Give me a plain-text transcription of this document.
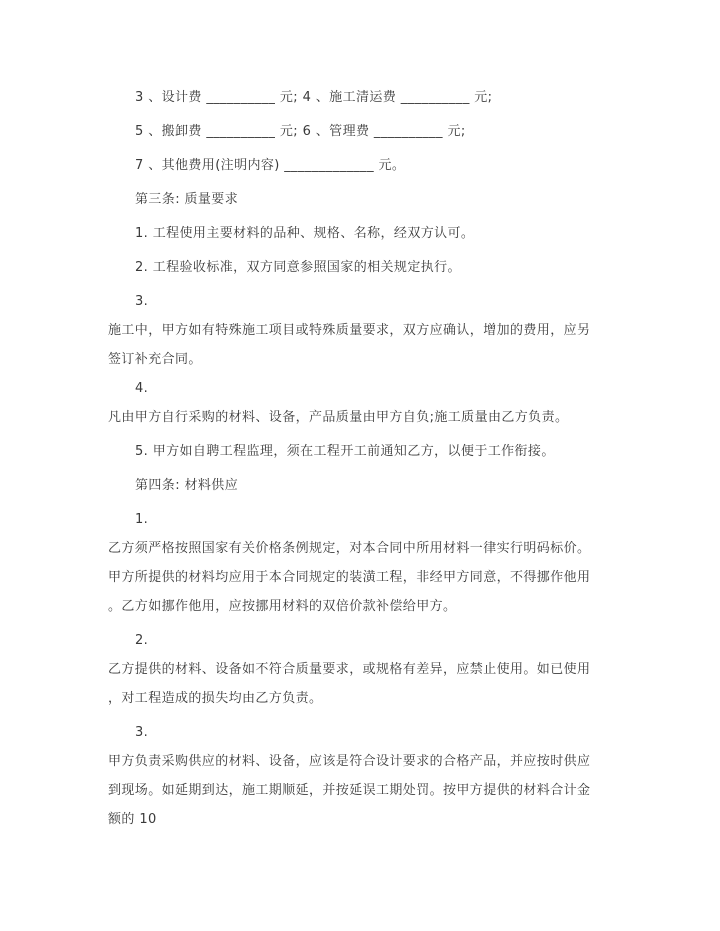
3 、设计费 __________ 元; 4 、施工清运费 __________ 元;
5 、搬卸费 __________ 元; 6 、管理费 __________ 元;
7 、其他费用(注明内容) _____________ 元。
第三条: 质量要求
1. 工程使用主要材料的品种、规格、名称，经双方认可。
2. 工程验收标准，双方同意参照国家的相关规定执行。
3.
施工中，甲方如有特殊施工项目或特殊质量要求，双方应确认，增加的费用，应另
签订补充合同。
4.
凡由甲方自行采购的材料、设备，产品质量由甲方自负;施工质量由乙方负责。
5. 甲方如自聘工程监理，须在工程开工前通知乙方，以便于工作衔接。
第四条: 材料供应
1.
乙方须严格按照国家有关价格条例规定，对本合同中所用材料一律实行明码标价。
甲方所提供的材料均应用于本合同规定的装潢工程，非经甲方同意，不得挪作他用
。乙方如挪作他用，应按挪用材料的双倍价款补偿给甲方。
2.
乙方提供的材料、设备如不符合质量要求，或规格有差异，应禁止使用。如已使用
，对工程造成的损失均由乙方负责。
3.
甲方负责采购供应的材料、设备，应该是符合设计要求的合格产品，并应按时供应
到现场。如延期到达，施工期顺延，并按延误工期处罚。按甲方提供的材料合计金
额的 10
